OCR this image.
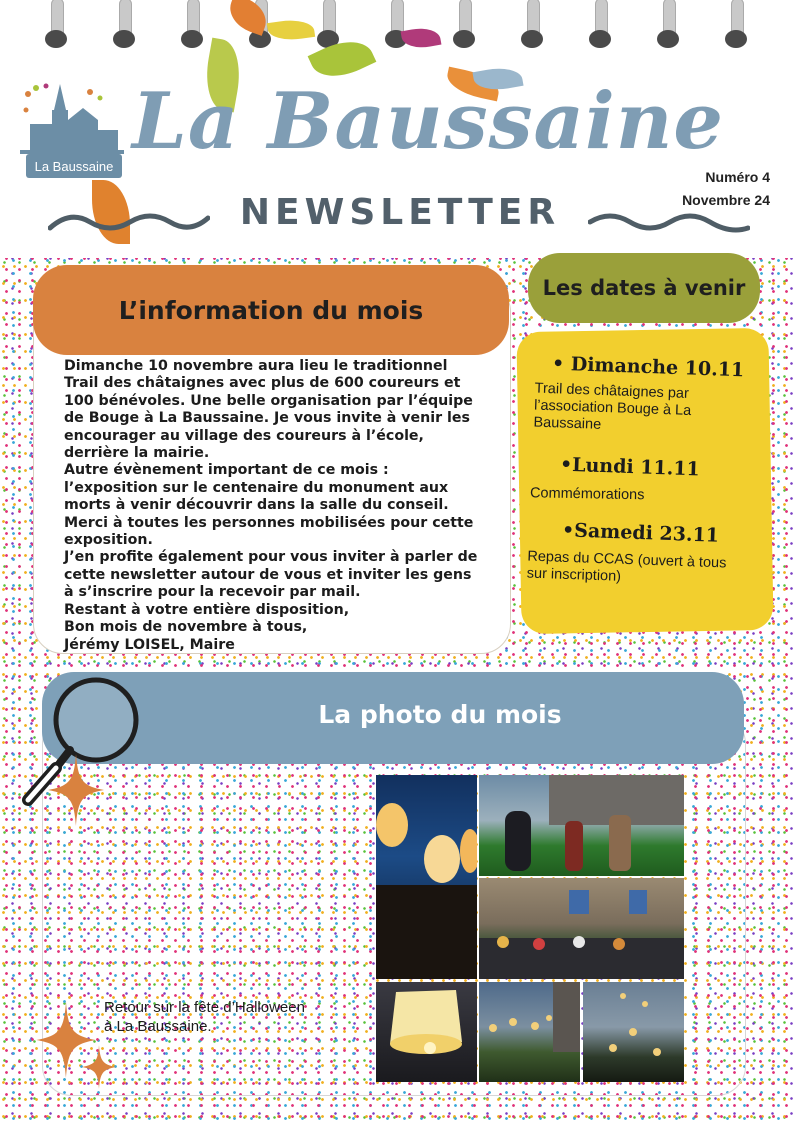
La Baussaine La Baussaine
Numéro 4
Novembre 24
NEWSLETTER
L’information du mois
Dimanche 10 novembre aura lieu le traditionnel
Trail des châtaignes avec plus de 600 coureurs et
100 bénévoles. Une belle organisation par l’équipe
de Bouge à La Baussaine. Je vous invite à venir les
encourager au village des coureurs à l’école,
derrière la mairie.
Autre évènement important de ce mois :
l’exposition sur le centenaire du monument aux
morts à venir découvrir dans la salle du conseil.
Merci à toutes les personnes mobilisées pour cette
exposition.
J’en profite également pour vous inviter à parler de
cette newsletter autour de vous et inviter les gens
à s’inscrire pour la recevoir par mail.
Restant à votre entière disposition,
Bon mois de novembre à tous,
Jérémy LOISEL, Maire
Les dates à venir
• Dimanche 10.11
Trail des châtaignes par l’association Bouge à La Baussaine
•Lundi 11.11
Commémorations
•Samedi 23.11
Repas du CCAS (ouvert à tous sur inscription)
La photo du mois
Retour sur la fête d’Halloween
à La Baussaine.
